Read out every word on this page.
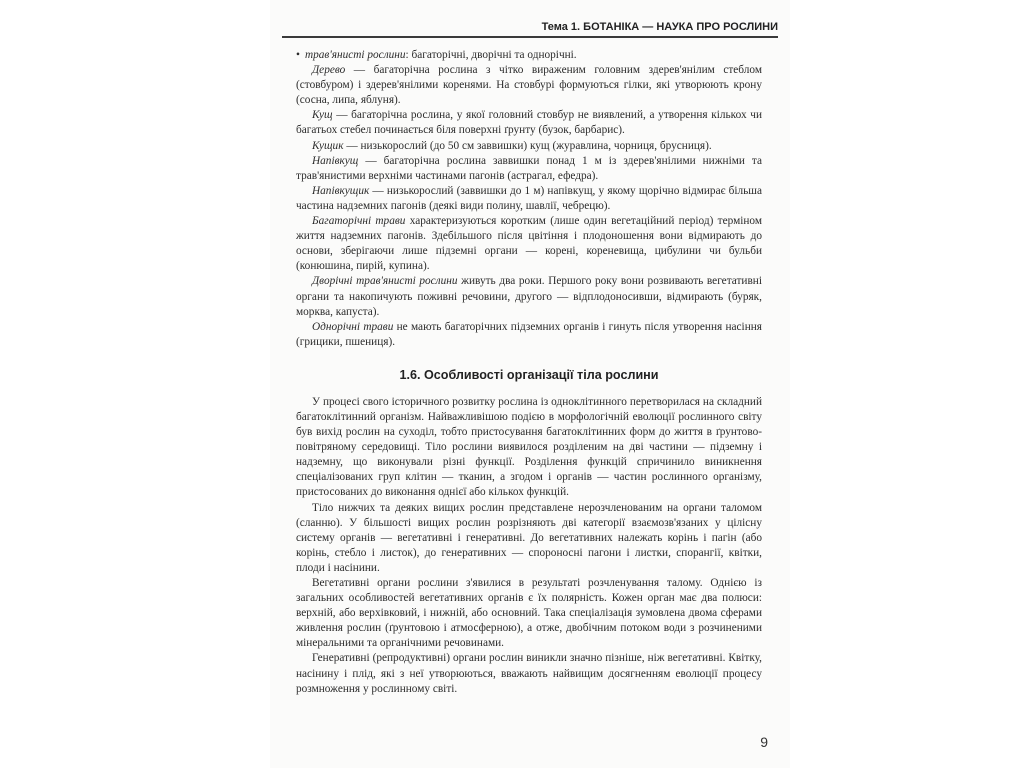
Тема 1. БОТАНІКА — НАУКА ПРО РОСЛИНИ

• трав'янисті рослини: багаторічні, дворічні та однорічні.

Дерево — багаторічна рослина з чітко вираженим головним здерев'янілим стеблом (стовбуром) і здерев'янілими коренями. На стовбурі формуються гілки, які утворюють крону (сосна, липа, яблуня).

Кущ — багаторічна рослина, у якої головний стовбур не виявлений, а утворення кількох чи багатьох стебел починається біля поверхні ґрунту (бузок, барбарис).

Кущик — низькорослий (до 50 см заввишки) кущ (журавлина, чорниця, брусниця).

Напівкущ — багаторічна рослина заввишки понад 1 м із здерев'янілими нижніми та трав'янистими верхніми частинами пагонів (астрагал, ефедра).

Напівкущик — низькорослий (заввишки до 1 м) напівкущ, у якому щорічно відмирає більша частина надземних пагонів (деякі види полину, шавлії, чебрецю).

Багаторічні трави характеризуються коротким (лише один вегетаційний період) терміном життя надземних пагонів. Здебільшого після цвітіння і плодоношення вони відмирають до основи, зберігаючи лише підземні органи — корені, кореневища, цибулини чи бульби (конюшина, пирій, купина).

Дворічні трав'янисті рослини живуть два роки. Першого року вони розвивають вегетативні органи та накопичують поживні речовини, другого — відплодоносивши, відмирають (буряк, морква, капуста).

Однорічні трави не мають багаторічних підземних органів і гинуть після утворення насіння (грицики, пшениця).

1.6. Особливості організації тіла рослини

У процесі свого історичного розвитку рослина із одноклітинного перетворилася на складний багатоклітинний організм. Найважливішою подією в морфологічній еволюції рослинного світу був вихід рослин на суходіл, тобто пристосування багатоклітинних форм до життя в ґрунтово-повітряному середовищі. Тіло рослини виявилося розділеним на дві частини — підземну і надземну, що виконували різні функції. Розділення функцій спричинило виникнення спеціалізованих груп клітин — тканин, а згодом і органів — частин рослинного організму, пристосованих до виконання однієї або кількох функцій.

Тіло нижчих та деяких вищих рослин представлене нерозчленованим на органи таломом (сланню). У більшості вищих рослин розрізняють дві категорії взаємозв'язаних у цілісну систему органів — вегетативні і генеративні. До вегетативних належать корінь і пагін (або корінь, стебло і листок), до генеративних — спороносні пагони і листки, спорангії, квітки, плоди і насінини.

Вегетативні органи рослини з'явилися в результаті розчленування талому. Однією із загальних особливостей вегетативних органів є їх полярність. Кожен орган має два полюси: верхній, або верхівковий, і нижній, або основний. Така спеціалізація зумовлена двома сферами живлення рослин (ґрунтовою і атмосферною), а отже, двобічним потоком води з розчиненими мінеральними та органічними речовинами.

Генеративні (репродуктивні) органи рослин виникли значно пізніше, ніж вегетативні. Квітку, насінину і плід, які з неї утворюються, вважають найвищим досягненням еволюції процесу розмноження у рослинному світі.

9
